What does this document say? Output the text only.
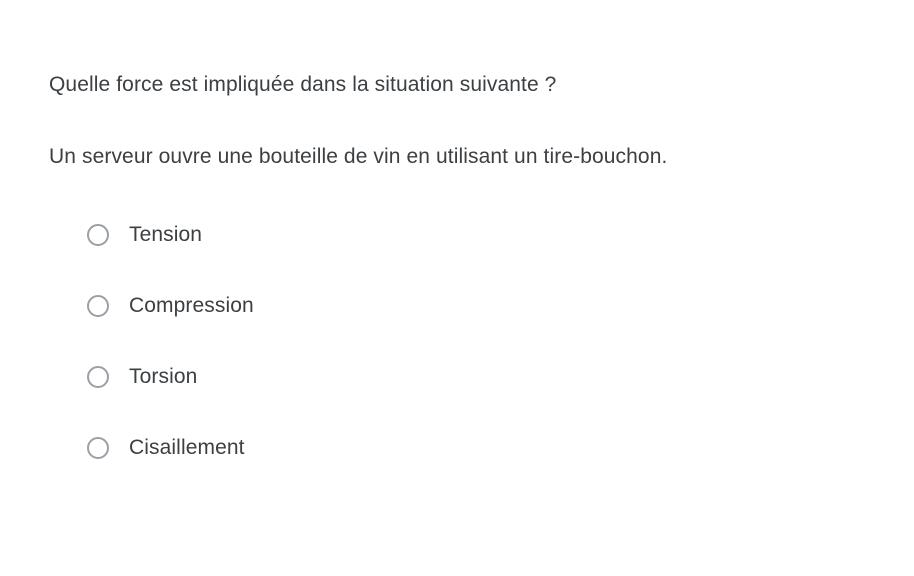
Quelle force est impliquée dans la situation suivante ?

Un serveur ouvre une bouteille de vin en utilisant un tire-bouchon.

Tension
Compression
Torsion
Cisaillement
